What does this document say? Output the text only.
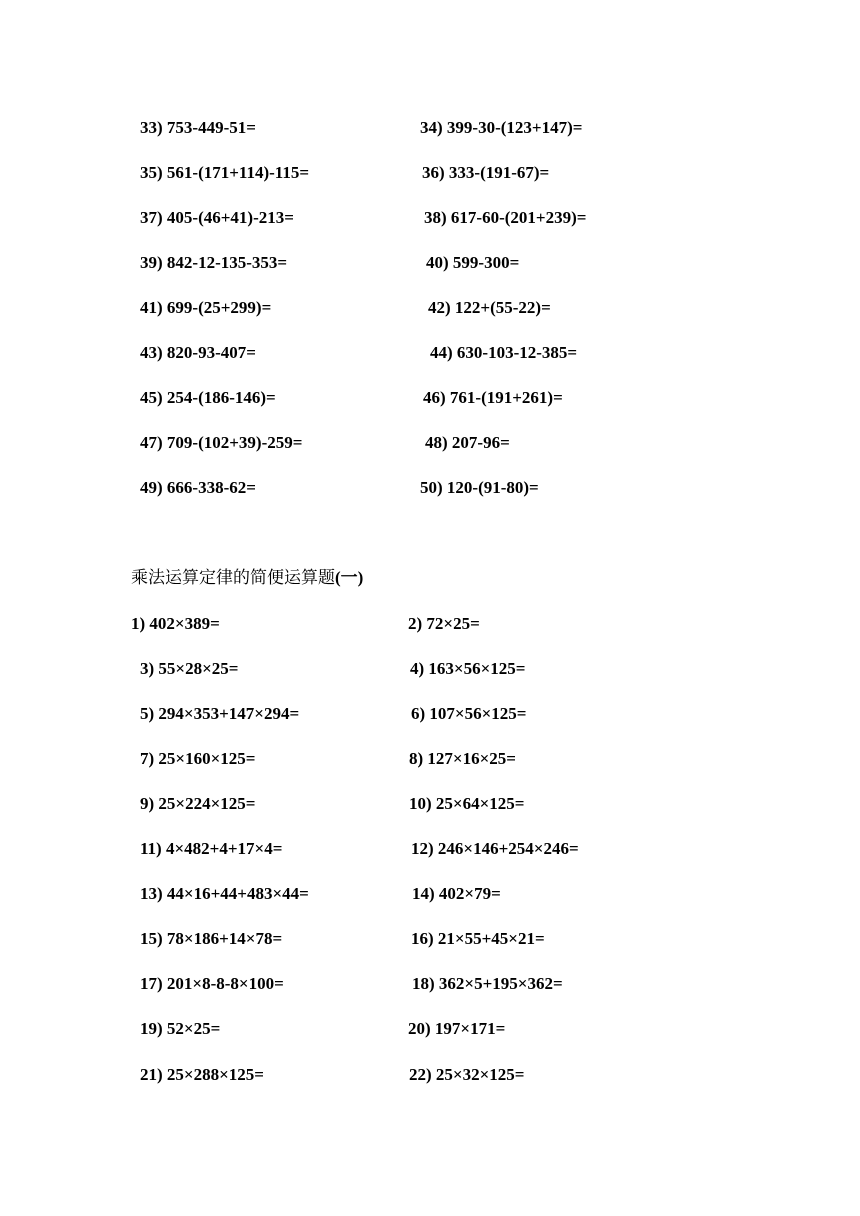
33) 753-449-51=	34) 399-30-(123+147)=
35) 561-(171+114)-115=	36) 333-(191-67)=
37) 405-(46+41)-213=	38) 617-60-(201+239)=
39) 842-12-135-353=	40) 599-300=
41) 699-(25+299)=	42) 122+(55-22)=
43) 820-93-407=	44) 630-103-12-385=
45) 254-(186-146)=	46) 761-(191+261)=
47) 709-(102+39)-259=	48) 207-96=
49) 666-338-62=	50) 120-(91-80)=
乘法运算定律的简便运算题(一)
1) 402×389=	2) 72×25=
3) 55×28×25=	4) 163×56×125=
5) 294×353+147×294=	6) 107×56×125=
7) 25×160×125=	8) 127×16×25=
9) 25×224×125=	10) 25×64×125=
11) 4×482+4+17×4=	12) 246×146+254×246=
13) 44×16+44+483×44=	14) 402×79=
15) 78×186+14×78=	16) 21×55+45×21=
17) 201×8-8-8×100=	18) 362×5+195×362=
19) 52×25=	20) 197×171=
21) 25×288×125=	22) 25×32×125=
